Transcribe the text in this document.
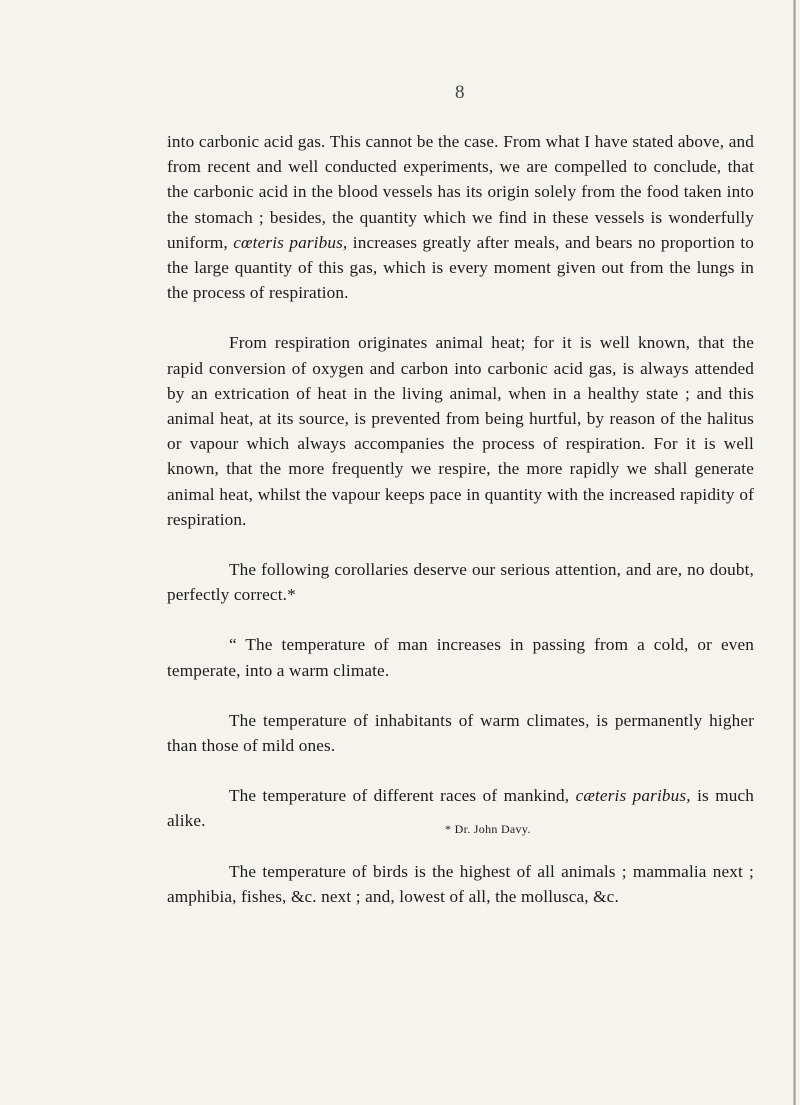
8

into carbonic acid gas. This cannot be the case. From what I have stated above, and from recent and well conducted experiments, we are compelled to conclude, that the carbonic acid in the blood vessels has its origin solely from the food taken into the stomach ; besides, the quantity which we find in these vessels is wonderfully uniform, cœteris paribus, increases greatly after meals, and bears no proportion to the large quantity of this gas, which is every moment given out from the lungs in the process of respiration.

From respiration originates animal heat; for it is well known, that the rapid conversion of oxygen and carbon into carbonic acid gas, is always attended by an extrication of heat in the living animal, when in a healthy state ; and this animal heat, at its source, is prevented from being hurtful, by reason of the halitus or vapour which always accompanies the process of respiration. For it is well known, that the more frequently we respire, the more rapidly we shall generate animal heat, whilst the vapour keeps pace in quantity with the increased rapidity of respiration.

The following corollaries deserve our serious attention, and are, no doubt, perfectly correct.*

“ The temperature of man increases in passing from a cold, or even temperate, into a warm climate.

The temperature of inhabitants of warm climates, is permanently higher than those of mild ones.

The temperature of different races of mankind, cæteris paribus, is much alike.

The temperature of birds is the highest of all animals ; mammalia next ; amphibia, fishes, &c. next ; and, lowest of all, the mollusca, &c.

* Dr. John Davy.
